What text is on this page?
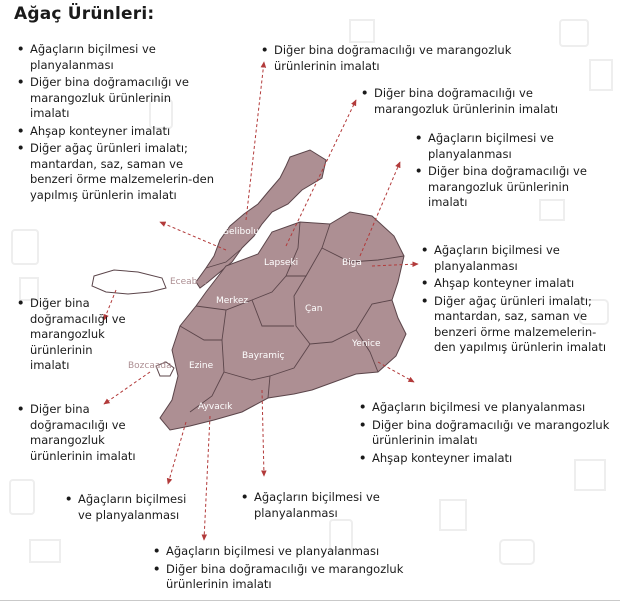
Ağaç Ürünleri:
Gelibolu
Lapseki	Biga
Eceabat
Merkez
Çan
Yenice
Bozcaada Ezine
Bayramiç
Ayvacık
• Ağaçların biçilmesi ve planyalanması
• Diğer bina doğramacılığı ve marangozluk ürünlerinin imalatı
• Ahşap konteyner imalatı
• Diğer ağaç ürünleri imalatı; mantardan, saz, saman ve benzeri örme malzemelerin-den yapılmış ürünlerin imalatı
• Diğer bina doğramacılığı ve marangozluk ürünlerinin imalatı
• Diğer bina doğramacılığı ve marangozluk ürünlerinin imalatı
• Ağaçların biçilmesi ve planyalanması
• Diğer bina doğramacılığı ve marangozluk ürünlerinin imalatı
• Ağaçların biçilmesi ve planyalanması
• Ahşap konteyner imalatı
• Diğer ağaç ürünleri imalatı; mantardan, saz, saman ve benzeri örme malzemelerin-den yapılmış ürünlerin imalatı
• Diğer bina doğramacılığı ve marangozluk ürünlerinin imalatı
• Diğer bina doğramacılığı ve marangozluk ürünlerinin imalatı
• Ağaçların biçilmesi ve planyalanması
• Diğer bina doğramacılığı ve marangozluk ürünlerinin imalatı
• Ahşap konteyner imalatı
• Ağaçların biçilmesi ve planyalanması
• Ağaçların biçilmesi ve planyalanması
• Ağaçların biçilmesi ve planyalanması
• Diğer bina doğramacılığı ve marangozluk ürünlerinin imalatı
